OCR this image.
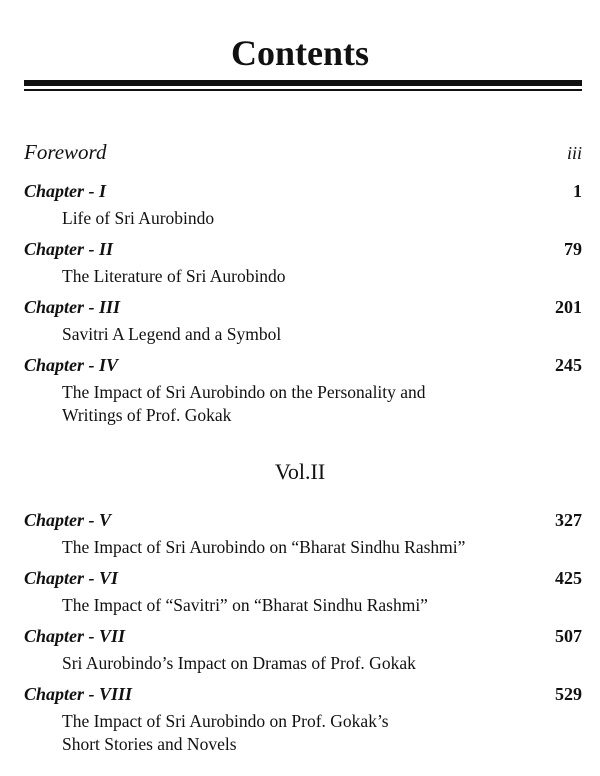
Contents
Foreword	iii
Chapter - I	1
Life of Sri Aurobindo
Chapter - II	79
The Literature of Sri Aurobindo
Chapter - III	201
Savitri A Legend and a Symbol
Chapter - IV	245
The Impact of Sri Aurobindo on the Personality and
Writings of Prof. Gokak
Vol.II
Chapter - V	327
The Impact of Sri Aurobindo on “Bharat Sindhu Rashmi”
Chapter - VI	425
The Impact of “Savitri” on “Bharat Sindhu Rashmi”
Chapter - VII	507
Sri Aurobindo’s Impact on Dramas of Prof. Gokak
Chapter - VIII	529
The Impact of Sri Aurobindo on Prof. Gokak’s
Short Stories and Novels
